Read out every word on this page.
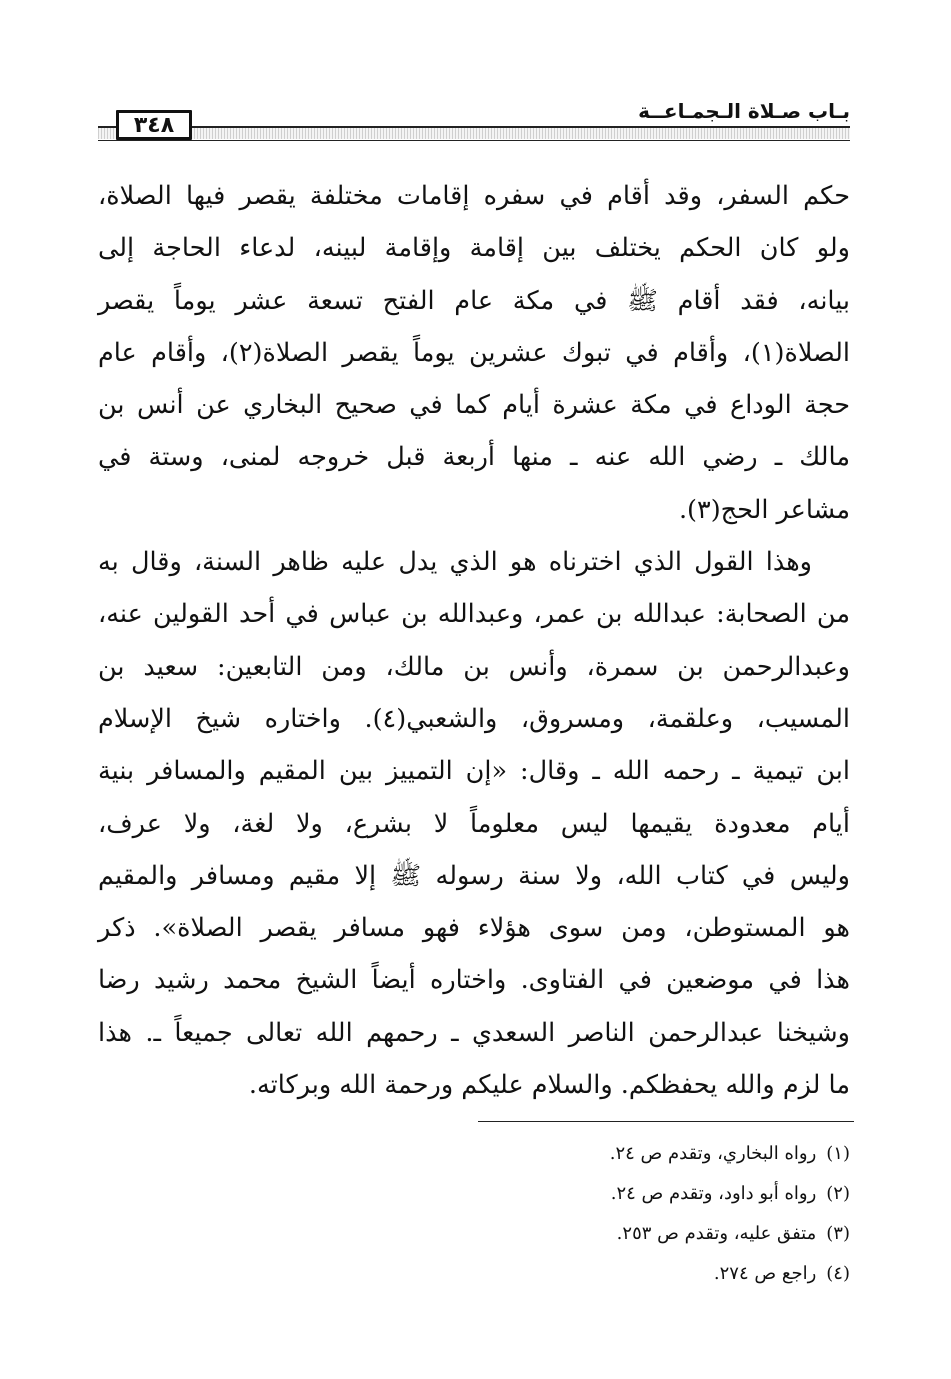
٣٤٨
بـاب صـلاة الـجمـاعــة
حكم السفر، وقد أقام في سفره إقامات مختلفة يقصر فيها الصلاة،
ولو كان الحكم يختلف بين إقامة وإقامة لبينه، لدعاء الحاجة إلى
بيانه، فقد أقام ﷺ في مكة عام الفتح تسعة عشر يوماً يقصر
الصلاة(١)، وأقام في تبوك عشرين يوماً يقصر الصلاة(٢)، وأقام عام
حجة الوداع في مكة عشرة أيام كما في صحيح البخاري عن أنس بن
مالك ـ رضي الله عنه ـ منها أربعة قبل خروجه لمنى، وستة في
مشاعر الحج(٣).
وهذا القول الذي اخترناه هو الذي يدل عليه ظاهر السنة، وقال به
من الصحابة: عبدالله بن عمر، وعبدالله بن عباس في أحد القولين عنه،
وعبدالرحمن بن سمرة، وأنس بن مالك، ومن التابعين: سعيد بن
المسيب، وعلقمة، ومسروق، والشعبي(٤). واختاره شيخ الإسلام
ابن تيمية ـ رحمه الله ـ وقال: «إن التمييز بين المقيم والمسافر بنية
أيام معدودة يقيمها ليس معلوماً لا بشرع، ولا لغة، ولا عرف،
وليس في كتاب الله، ولا سنة رسوله ﷺ إلا مقيم ومسافر والمقيم
هو المستوطن، ومن سوى هؤلاء فهو مسافر يقصر الصلاة». ذكر
هذا في موضعين في الفتاوى. واختاره أيضاً الشيخ محمد رشيد رضا
وشيخنا عبدالرحمن الناصر السعدي ـ رحمهم الله تعالى جميعاً ـ. هذا
ما لزم والله يحفظكم. والسلام عليكم ورحمة الله وبركاته.
(١)رواه البخاري، وتقدم ص ٢٤.
(٢)رواه أبو داود، وتقدم ص ٢٤.
(٣)متفق عليه، وتقدم ص ٢٥٣.
(٤)راجع ص ٢٧٤.
